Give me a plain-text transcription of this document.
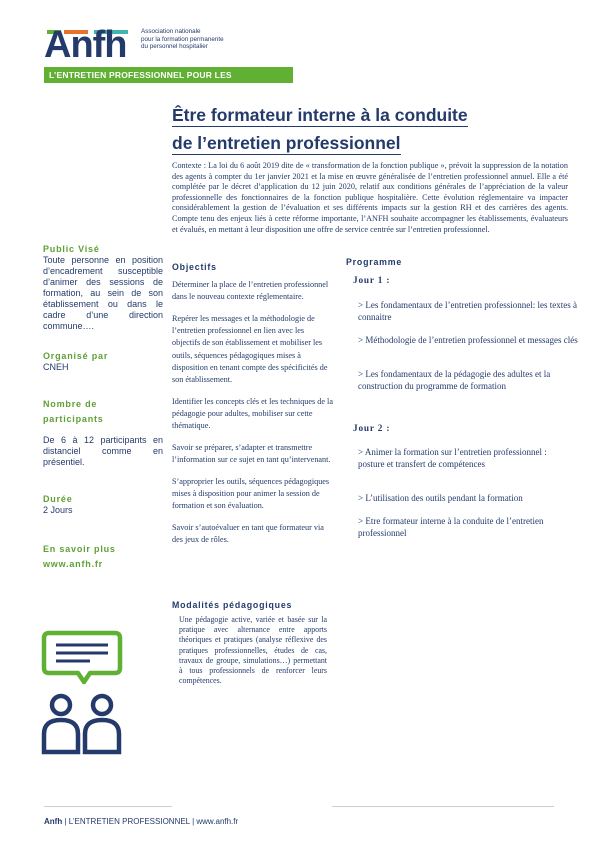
Anfh Association nationale
pour la formation permanente
du personnel hospitalier
L’ENTRETIEN PROFESSIONNEL POUR LES ÉVALUATEURS
Être formateur interne à la conduite
de l’entretien professionnel
Contexte : La loi du 6 août 2019 dite de « transformation de la fonction publique », prévoit la suppression de la notation des agents à compter du 1er janvier 2021 et la mise en œuvre généralisée de l’entretien professionnel annuel. Elle a été complétée par le décret d’application du 12 juin 2020, relatif aux conditions générales de l’appréciation de la valeur professionnelle des fonctionnaires de la fonction publique hospitalière. Cette évolution réglementaire va impacter considérablement la gestion de l’évaluation et ses différents impacts sur la gestion RH et des carrières des agents. Compte tenu des enjeux liés à cette réforme importante, l’ANFH souhaite accompagner les établissements, évaluateurs et évalués, en mettant à leur disposition une offre de service centrée sur l’entretien professionnel.
Public Visé
Toute personne en position d’encadrement susceptible d’animer des sessions de formation, au sein de son établissement ou dans le cadre d’une direction commune….
Organisé par
CNEH
Nombre de
participants
De 6 à 12 participants en distanciel comme en présentiel.
Durée
2 Jours
En savoir plus
www.anfh.fr
Objectifs

Déterminer la place de l’entretien professionnel dans le nouveau contexte réglementaire.

Repérer les messages et la méthodologie de l’entretien professionnel en lien avec les objectifs de son établissement et mobiliser les outils, séquences pédagogiques mises à disposition en tenant compte des spécificités de son établissement.

Identifier les concepts clés et les techniques de la pédagogie pour adultes, mobiliser sur cette thématique.

Savoir se préparer, s’adapter et transmettre l’information sur ce sujet en tant qu’intervenant.

S’approprier les outils, séquences pédagogiques mises à disposition pour animer la session de formation et son évaluation.

Savoir s’autoévaluer en tant que formateur via des jeux de rôles.

Modalités pédagogiques
Une pédagogie active, variée et basée sur la pratique avec alternance entre apports théoriques et pratiques (analyse réflexive des pratiques professionnelles, études de cas, travaux de groupe, simulations…) permettant à tous professionnels de renforcer leurs compétences.
Programme
Jour 1 :
> Les fondamentaux de l’entretien professionnel: les textes à connaitre
> Méthodologie de l’entretien professionnel et messages clés
> Les fondamentaux de la pédagogie des adultes et la construction du programme de formation
Jour 2 :
> Animer la formation sur l’entretien professionnel : posture et transfert de compétences
> L’utilisation des outils pendant la formation
> Etre formateur interne à la conduite de l’entretien professionnel
Anfh | L’ENTRETIEN PROFESSIONNEL | www.anfh.fr
